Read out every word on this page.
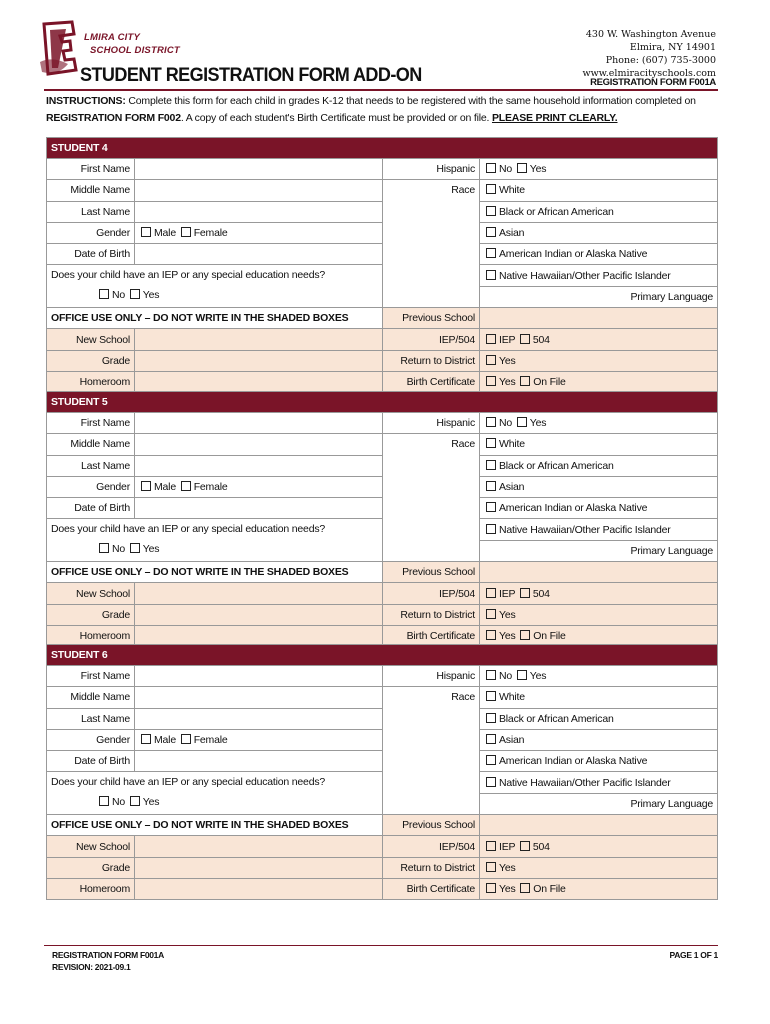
LMIRA CITY
SCHOOL DISTRICT
430 W. Washington Avenue
Elmira, NY 14901
Phone: (607) 735-3000
www.elmiracityschools.com
REGISTRATION FORM F001A
STUDENT REGISTRATION FORM ADD-ON
INSTRUCTIONS: Complete this form for each child in grades K-12 that needs to be registered with the same household information completed on REGISTRATION FORM F002. A copy of each student's Birth Certificate must be provided or on file. PLEASE PRINT CLEARLY.
STUDENT 4				
First Name		Hispanic	No Yes	
Middle Name		Race	White	
Last Name			Black or African American	
Gender	Male Female		Asian	
Date of Birth			American Indian or Alaska Native	

Does your child have an IEP or any special education needs?
No Yes			Native Hawaiian/Other Pacific Islander	
			Primary Language	
OFFICE USE ONLY – DO NOT WRITE IN THE SHADED BOXES		Previous School		
New School		IEP/504	IEP 504	
Grade		Return to District	Yes	
Homeroom		Birth Certificate	Yes On File	
STUDENT 5				
First Name		Hispanic	No Yes	
Middle Name		Race	White	
Last Name			Black or African American	
Gender	Male Female		Asian	
Date of Birth			American Indian or Alaska Native	

Does your child have an IEP or any special education needs?
No Yes			Native Hawaiian/Other Pacific Islander	
			Primary Language	
OFFICE USE ONLY – DO NOT WRITE IN THE SHADED BOXES		Previous School		
New School		IEP/504	IEP 504	
Grade		Return to District	Yes	
Homeroom		Birth Certificate	Yes On File	
STUDENT 6				
First Name		Hispanic	No Yes	
Middle Name		Race	White	
Last Name			Black or African American	
Gender	Male Female		Asian	
Date of Birth			American Indian or Alaska Native	

Does your child have an IEP or any special education needs?
No Yes			Native Hawaiian/Other Pacific Islander	
			Primary Language	
OFFICE USE ONLY – DO NOT WRITE IN THE SHADED BOXES		Previous School		
New School		IEP/504	IEP 504	
Grade		Return to District	Yes	
Homeroom		Birth Certificate	Yes On File	
REGISTRATION FORM F001A
REVISION: 2021-09.1
PAGE 1 OF 1
